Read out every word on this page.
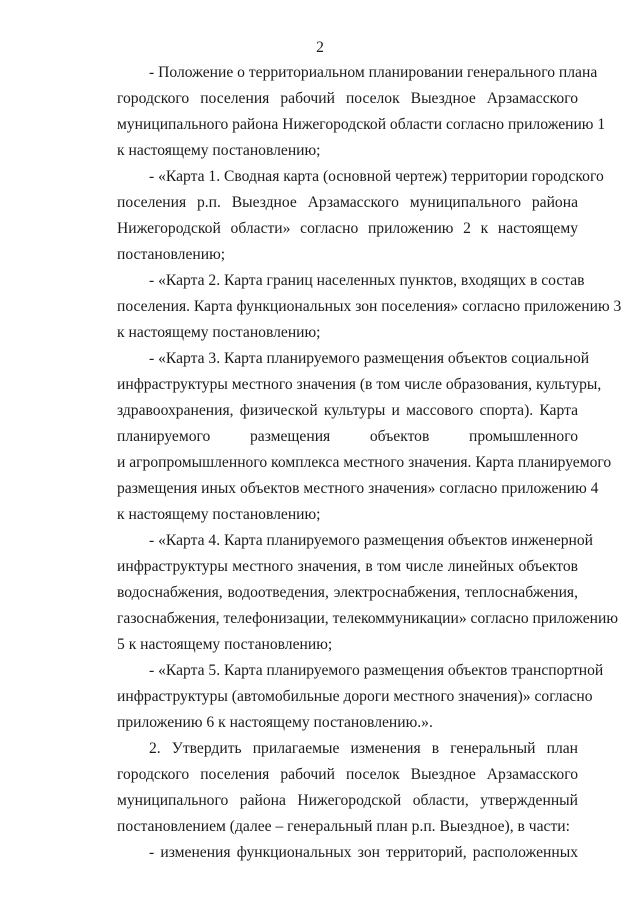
2
- Положение о территориальном планировании генерального плана
городского поселения рабочий поселок Выездное Арзамасского
муниципального района Нижегородской области согласно приложению 1
к настоящему постановлению;
- «Карта 1. Сводная карта (основной чертеж) территории городского
поселения р.п. Выездное Арзамасского муниципального района
Нижегородской области» согласно приложению 2 к настоящему
постановлению;
- «Карта 2. Карта границ населенных пунктов, входящих в состав
поселения. Карта функциональных зон поселения» согласно приложению 3
к настоящему постановлению;
- «Карта 3. Карта планируемого размещения объектов социальной
инфраструктуры местного значения (в том числе образования, культуры,
здравоохранения, физической культуры и массового спорта). Карта
планируемого размещения объектов промышленного
и агропромышленного комплекса местного значения. Карта планируемого
размещения иных объектов местного значения» согласно приложению 4
к настоящему постановлению;
- «Карта 4. Карта планируемого размещения объектов инженерной
инфраструктуры местного значения, в том числе линейных объектов
водоснабжения, водоотведения, электроснабжения, теплоснабжения,
газоснабжения, телефонизации, телекоммуникации» согласно приложению
5 к настоящему постановлению;
- «Карта 5. Карта планируемого размещения объектов транспортной
инфраструктуры (автомобильные дороги местного значения)» согласно
приложению 6 к настоящему постановлению.».
2. Утвердить прилагаемые изменения в генеральный план
городского поселения рабочий поселок Выездное Арзамасского
муниципального района Нижегородской области, утвержденный
постановлением (далее – генеральный план р.п. Выездное), в части:
- изменения функциональных зон территорий, расположенных
